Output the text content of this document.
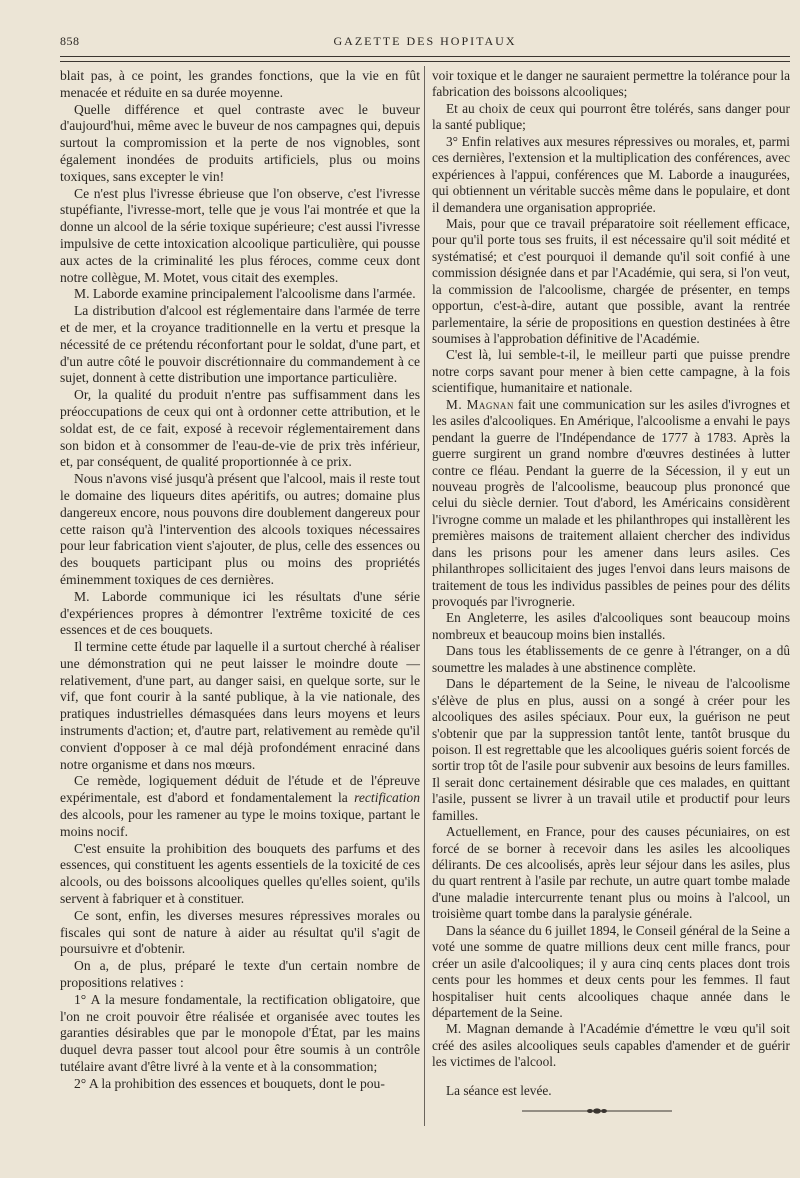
858	GAZETTE DES HOPITAUX

blait pas, à ce point, les grandes fonctions, que la vie en fût menacée et réduite en sa durée moyenne.

Quelle différence et quel contraste avec le buveur d'aujourd'hui, même avec le buveur de nos campagnes qui, depuis surtout la compromission et la perte de nos vignobles, sont également inondées de produits artificiels, plus ou moins toxiques, sans excepter le vin!

Ce n'est plus l'ivresse ébrieuse que l'on observe, c'est l'ivresse stupéfiante, l'ivresse-mort, telle que je vous l'ai montrée et que la donne un alcool de la série toxique supérieure; c'est aussi l'ivresse impulsive de cette intoxication alcoolique particulière, qui pousse aux actes de la criminalité les plus féroces, comme ceux dont notre collègue, M. Motet, vous citait des exemples.

M. Laborde examine principalement l'alcoolisme dans l'armée.

La distribution d'alcool est réglementaire dans l'armée de terre et de mer, et la croyance traditionnelle en la vertu et presque la nécessité de ce prétendu réconfortant pour le soldat, d'une part, et d'un autre côté le pouvoir discrétionnaire du commandement à ce sujet, donnent à cette distribution une importance particulière.

Or, la qualité du produit n'entre pas suffisamment dans les préoccupations de ceux qui ont à ordonner cette attribution, et le soldat est, de ce fait, exposé à recevoir réglementairement dans son bidon et à consommer de l'eau-de-vie de prix très inférieur, et, par conséquent, de qualité proportionnée à ce prix.

Nous n'avons visé jusqu'à présent que l'alcool, mais il reste tout le domaine des liqueurs dites apéritifs, ou autres; domaine plus dangereux encore, nous pouvons dire doublement dangereux pour cette raison qu'à l'intervention des alcools toxiques nécessaires pour leur fabrication vient s'ajouter, de plus, celle des essences ou des bouquets participant plus ou moins des propriétés éminemment toxiques de ces dernières.

M. Laborde communique ici les résultats d'une série d'expériences propres à démontrer l'extrême toxicité de ces essences et de ces bouquets.

Il termine cette étude par laquelle il a surtout cherché à réaliser une démonstration qui ne peut laisser le moindre doute — relativement, d'une part, au danger saisi, en quelque sorte, sur le vif, que font courir à la santé publique, à la vie nationale, des pratiques industrielles démasquées dans leurs moyens et leurs instruments d'action; et, d'autre part, relativement au remède qu'il convient d'opposer à ce mal déjà profondément enraciné dans notre organisme et dans nos mœurs.

Ce remède, logiquement déduit de l'étude et de l'épreuve expérimentale, est d'abord et fondamentalement la rectification des alcools, pour les ramener au type le moins toxique, partant le moins nocif.

C'est ensuite la prohibition des bouquets des parfums et des essences, qui constituent les agents essentiels de la toxicité de ces alcools, ou des boissons alcooliques quelles qu'elles soient, qu'ils servent à fabriquer et à constituer.

Ce sont, enfin, les diverses mesures répressives morales ou fiscales qui sont de nature à aider au résultat qu'il s'agit de poursuivre et d'obtenir.

On a, de plus, préparé le texte d'un certain nombre de propositions relatives :

1° A la mesure fondamentale, la rectification obligatoire, que l'on ne croit pouvoir être réalisée et organisée avec toutes les garanties désirables que par le monopole d'État, par les mains duquel devra passer tout alcool pour être soumis à un contrôle tutélaire avant d'être livré à la vente et à la consommation;

2° A la prohibition des essences et bouquets, dont le pou-

voir toxique et le danger ne sauraient permettre la tolérance pour la fabrication des boissons alcooliques;

Et au choix de ceux qui pourront être tolérés, sans danger pour la santé publique;

3° Enfin relatives aux mesures répressives ou morales, et, parmi ces dernières, l'extension et la multiplication des conférences, avec expériences à l'appui, conférences que M. Laborde a inaugurées, qui obtiennent un véritable succès même dans le populaire, et dont il demandera une organisation appropriée.

Mais, pour que ce travail préparatoire soit réellement efficace, pour qu'il porte tous ses fruits, il est nécessaire qu'il soit médité et systématisé; et c'est pourquoi il demande qu'il soit confié à une commission désignée dans et par l'Académie, qui sera, si l'on veut, la commission de l'alcoolisme, chargée de présenter, en temps opportun, c'est-à-dire, autant que possible, avant la rentrée parlementaire, la série de propositions en question destinées à être soumises à l'approbation définitive de l'Académie.

C'est là, lui semble-t-il, le meilleur parti que puisse prendre notre corps savant pour mener à bien cette campagne, à la fois scientifique, humanitaire et nationale.

M. Magnan fait une communication sur les asiles d'ivrognes et les asiles d'alcooliques. En Amérique, l'alcoolisme a envahi le pays pendant la guerre de l'Indépendance de 1777 à 1783. Après la guerre surgirent un grand nombre d'œuvres destinées à lutter contre ce fléau. Pendant la guerre de la Sécession, il y eut un nouveau progrès de l'alcoolisme, beaucoup plus prononcé que celui du siècle dernier. Tout d'abord, les Américains considèrent l'ivrogne comme un malade et les philanthropes qui installèrent les premières maisons de traitement allaient chercher des individus dans les prisons pour les amener dans leurs asiles. Ces philanthropes sollicitaient des juges l'envoi dans leurs maisons de traitement de tous les individus passibles de peines pour des délits provoqués par l'ivrognerie.

En Angleterre, les asiles d'alcooliques sont beaucoup moins nombreux et beaucoup moins bien installés.

Dans tous les établissements de ce genre à l'étranger, on a dû soumettre les malades à une abstinence complète.

Dans le département de la Seine, le niveau de l'alcoolisme s'élève de plus en plus, aussi on a songé à créer pour les alcooliques des asiles spéciaux. Pour eux, la guérison ne peut s'obtenir que par la suppression tantôt lente, tantôt brusque du poison. Il est regrettable que les alcooliques guéris soient forcés de sortir trop tôt de l'asile pour subvenir aux besoins de leurs familles. Il serait donc certainement désirable que ces malades, en quittant l'asile, pussent se livrer à un travail utile et productif pour leurs familles.

Actuellement, en France, pour des causes pécuniaires, on est forcé de se borner à recevoir dans les asiles les alcooliques délirants. De ces alcoolisés, après leur séjour dans les asiles, plus du quart rentrent à l'asile par rechute, un autre quart tombe malade d'une maladie intercurrente tenant plus ou moins à l'alcool, un troisième quart tombe dans la paralysie générale.

Dans la séance du 6 juillet 1894, le Conseil général de la Seine a voté une somme de quatre millions deux cent mille francs, pour créer un asile d'alcooliques; il y aura cinq cents places dont trois cents pour les hommes et deux cents pour les femmes. Il faut hospitaliser huit cents alcooliques chaque année dans le département de la Seine.

M. Magnan demande à l'Académie d'émettre le vœu qu'il soit créé des asiles alcooliques seuls capables d'amender et de guérir les victimes de l'alcool.

La séance est levée.
